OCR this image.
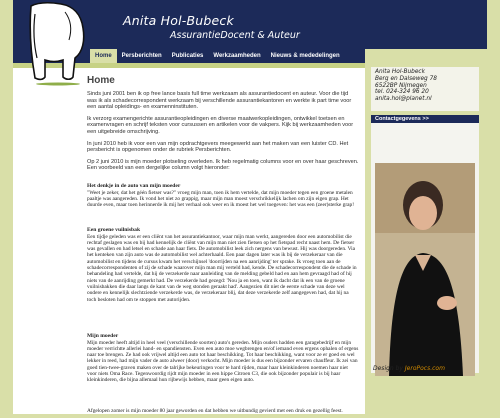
Anita Hol-Bubeck
AssurantieDocent & Auteur
Home	Persberichten	Publicaties	Werkzaamheden	Nieuws & mededelingen
Home

Sinds juni 2001 ben ik op free lance basis full time werkzaam als assurantiedocent en auteur. Voor die tijd was ik als schadecorrespondent werkzaam bij verschillende assurantiekantoren en werkte ik part time voor een aantal opleidings- en examenninstituten.

Ik verzorg examengerichte assurantieopleidingen en diverse maatwerkopleidingen, ontwikkel toetsen en examenvragen en schrijf teksten voor cursussen en artikelen voor de vakpers. Kijk bij werkzaamheden voor een uitgebreide omschrijving.

In juni 2010 heb ik voor een van mijn opdrachtgevers meegewerkt aan het maken van een luister CD. Het persbericht is opgenomen onder de rubriek Persberichten.

Op 2 juni 2010 is mijn moeder plotseling overleden. Ik heb regelmatig columns voor en over haar geschreven. Een voorbeeld van een dergelijke column volgt hieronder:

Het denkje in de auto van mijn moeder

"Weet je zeker, dat het géén fietser was?" vroeg mijn man, toen ik hem vertelde, dat mijn moeder tegen een groene metalen paaltje was aangereden. Ik vond het niet zo grappig, maar mijn man moest verschrikkelijk lachen om zijn eigen grap. Het duurde even, maar toen herinnerde ik mij het verhaal ook weer en ik moest het wel toegeven: het was een (zeer)sterke grap!

Een groene vuilnisbak

Een tijdje geleden was er een cliënt van het assurantiekantoor, waar mijn man werkt, aangereden door een automobilist die rechtaf geslagen was en bij had kennelijk de cliënt van mijn man niet zien fietsen op het fietspad recht naast hem. De fietser was gevallen en had letsel en schade aan haar fiets. De automobilist leek zich nergens van bewust. Hij was doorgereden. Via het kenteken van zijn auto was de automobilist wel achterhaald. Een paar dagen later was ik bij de verzekeraar van die automobilist en tijdens de cursus kwam het verschijnsel 'doorrijden na een aanrijding' ter sprake. Ik vroeg toen aan de schadecorrespondenten of zij de schade waarover mijn man mij verteld had, kende. De schadecorrespondent die de schade in behandeling had vertelde, dat hij de verzekerde naar aanleiding van de melding gebeld had en aan hem gevraagd had of hij niets van de aanrijding gemerkt had. De verzekerde had gezegd: 'Nou ja en toen, want ik dacht dat ik een van de groene vuilnisbakken die daar langs de kant van de weg stonden geraakt had'. Aangezien dit niet de eerste schade van deze wel oudere en kennelijk slechtziende verzekerde was, de verzekeraar blij, dat deze verzekerde zelf aangegeven had, dat hij na toch besloten had om te stoppen met autorijden.

Mijn moeder

Mijn moeder heeft altijd in heel veel (verschillende soorten) auto's gereden. Mijn ouders hadden een garagebedrijf en mijn moeder verrichtte allerlei hand- en spandiensten. Even een auto moe wegbrengen en/of iemand even ergens ophalen of ergens naar toe brengen. Ze had ook vrijwel altijd een auto tot haar beschikking. Tot haar beschikking, want voor ze er goed en wel lekker in reed, had mijn vader de auto alweer (door) verkocht. Mijn moeder is dus een bijzonder ervaren chauffeur. Ik zei van goed tien-twee-graven maken over de talrijke bekeuringen voor te hard rijden, maar haar kleinkinderen noemen haar niet voor niets Oma Race. Tegenwoordig rijdt mijn moeder in een hippe Citroen C3, die ook bijzonder populair is bij haar kleinkinderen, die bijna allemaal hun rijbewijs hebben, maar geen eigen auto.

Afgelopen zomer is mijn moeder 80 jaar geworden en dat hebben we uitbundig gevierd met een druk en gezellig feest.

Anita Hol-Bubeck
Berg en Dalseweg 78
6522BP Nijmegen
tel. 024-324 96 20
anita.hol@planet.nl
Contactgegevens >>
Design by JeroPocs.com
